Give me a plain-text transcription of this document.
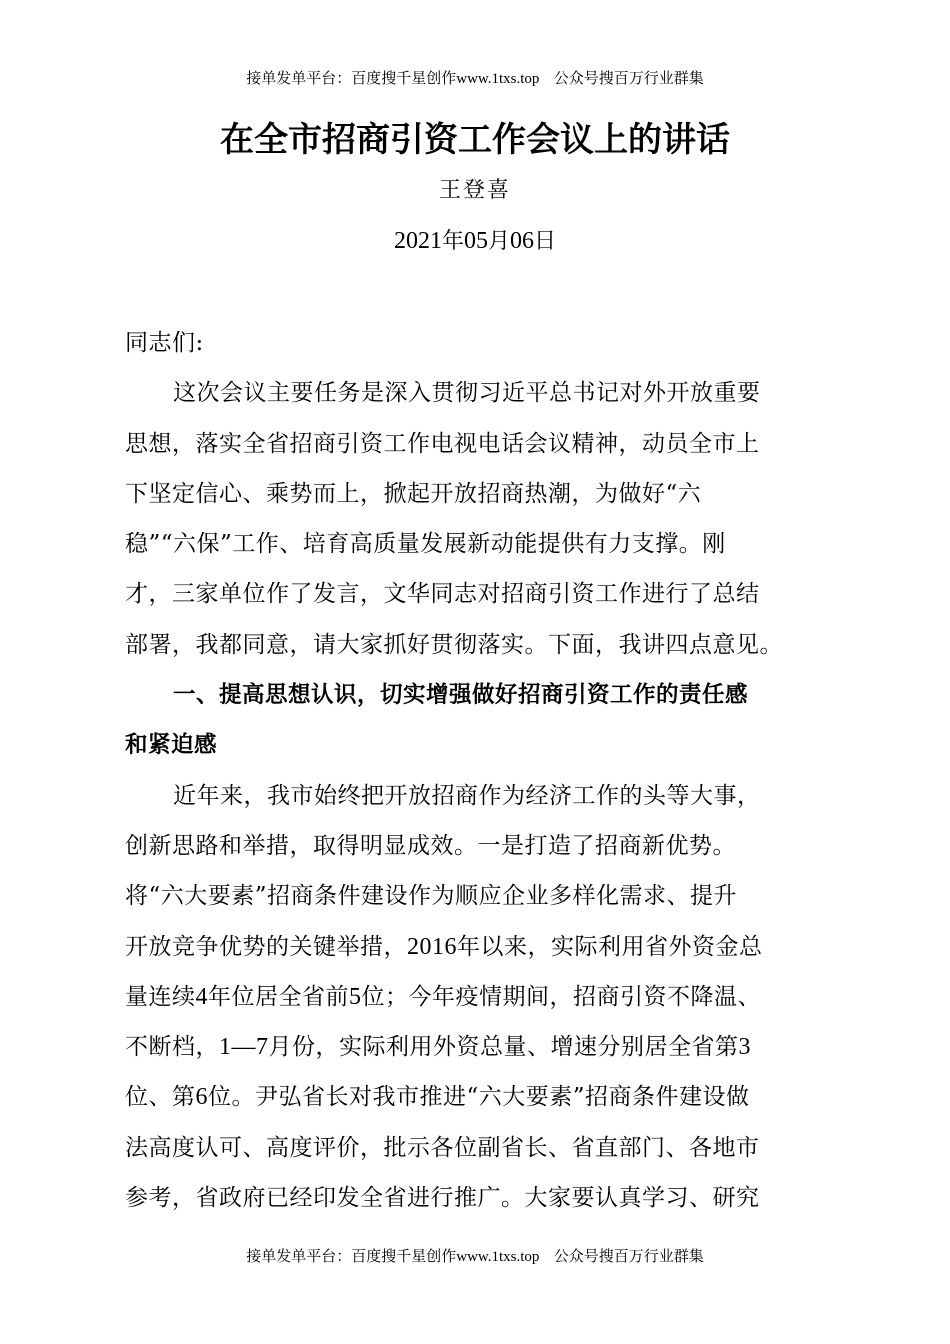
接单发单平台：百度搜千星创作www.1txs.top 公众号搜百万行业群集
在全市招商引资工作会议上的讲话
王登喜
2021年05月06日
同志们:
这次会议主要任务是深入贯彻习近平总书记对外开放重要
思想，落实全省招商引资工作电视电话会议精神，动员全市上
下坚定信心、乘势而上，掀起开放招商热潮，为做好“六
稳”“六保”工作、培育高质量发展新动能提供有力支撑。刚
才，三家单位作了发言，文华同志对招商引资工作进行了总结
部署，我都同意，请大家抓好贯彻落实。下面，我讲四点意见。
一、提高思想认识，切实增强做好招商引资工作的责任感
和紧迫感
近年来，我市始终把开放招商作为经济工作的头等大事，
创新思路和举措，取得明显成效。一是打造了招商新优势。
将“六大要素”招商条件建设作为顺应企业多样化需求、提升
开放竞争优势的关键举措，2016年以来，实际利用省外资金总
量连续4年位居全省前5位；今年疫情期间，招商引资不降温、
不断档，1—7月份，实际利用外资总量、增速分别居全省第3
位、第6位。尹弘省长对我市推进“六大要素”招商条件建设做
法高度认可、高度评价，批示各位副省长、省直部门、各地市
参考，省政府已经印发全省进行推广。大家要认真学习、研究
接单发单平台：百度搜千星创作www.1txs.top 公众号搜百万行业群集
